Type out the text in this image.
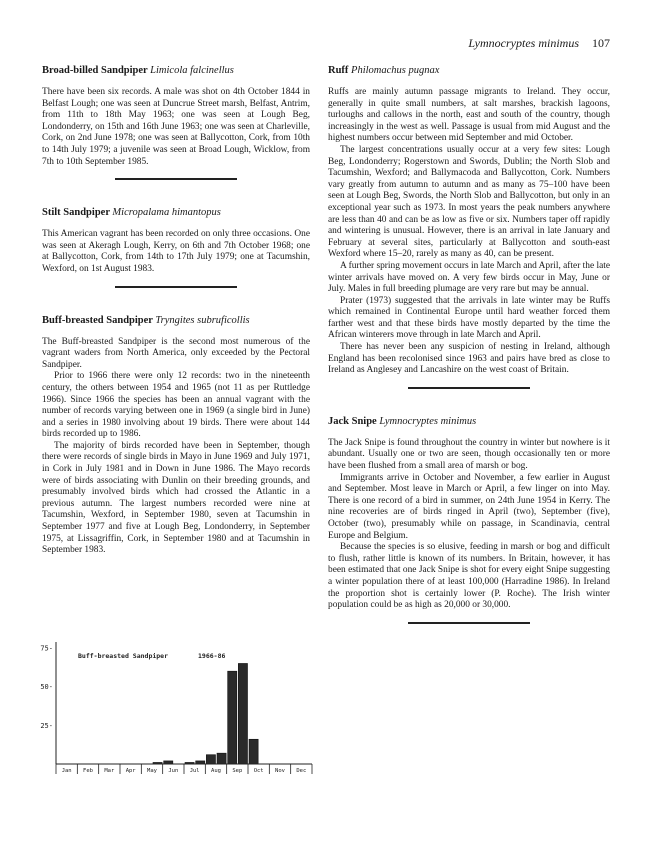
Lymnocryptes minimus 107
Broad-billed Sandpiper Limicola falcinellus

There have been six records. A male was shot on 4th October 1844 in Belfast Lough; one was seen at Duncrue Street marsh, Belfast, Antrim, from 11th to 18th May 1963; one was seen at Lough Beg, Londonderry, on 15th and 16th June 1963; one was seen at Charleville, Cork, on 2nd June 1978; one was seen at Ballycotton, Cork, from 10th to 14th July 1979; a juvenile was seen at Broad Lough, Wicklow, from 7th to 10th September 1985.

Stilt Sandpiper Micropalama himantopus

This American vagrant has been recorded on only three occasions. One was seen at Akeragh Lough, Kerry, on 6th and 7th October 1968; one at Ballycotton, Cork, from 14th to 17th July 1979; one at Tacumshin, Wexford, on 1st August 1983.

Buff-breasted Sandpiper Tryngites subruficollis

The Buff-breasted Sandpiper is the second most numerous of the vagrant waders from North America, only exceeded by the Pectoral Sandpiper.

Prior to 1966 there were only 12 records: two in the nineteenth century, the others between 1954 and 1965 (not 11 as per Ruttledge 1966). Since 1966 the species has been an annual vagrant with the number of records varying between one in 1969 (a single bird in June) and a series in 1980 involving about 19 birds. There were about 144 birds recorded up to 1986.

The majority of birds recorded have been in September, though there were records of single birds in Mayo in June 1969 and July 1971, in Cork in July 1981 and in Down in June 1986. The Mayo records were of birds associating with Dunlin on their breeding grounds, and presumably involved birds which had crossed the Atlantic in a previous autumn. The largest numbers recorded were nine at Tacumshin, Wexford, in September 1980, seven at Tacumshin in September 1977 and five at Lough Beg, Londonderry, in September 1975, at Lissagriffin, Cork, in September 1980 and at Tacumshin in September 1983.

Ruff Philomachus pugnax

Ruffs are mainly autumn passage migrants to Ireland. They occur, generally in quite small numbers, at salt marshes, brackish lagoons, turloughs and callows in the north, east and south of the country, though increasingly in the west as well. Passage is usual from mid August and the highest numbers occur between mid September and mid October.

The largest concentrations usually occur at a very few sites: Lough Beg, Londonderry; Rogerstown and Swords, Dublin; the North Slob and Tacumshin, Wexford; and Ballymacoda and Ballycotton, Cork. Numbers vary greatly from autumn to autumn and as many as 75–100 have been seen at Lough Beg, Swords, the North Slob and Ballycotton, but only in an exceptional year such as 1973. In most years the peak numbers anywhere are less than 40 and can be as low as five or six. Numbers taper off rapidly and wintering is unusual. However, there is an arrival in late January and February at several sites, particularly at Ballycotton and south-east Wexford where 15–20, rarely as many as 40, can be present.

A further spring movement occurs in late March and April, after the late winter arrivals have moved on. A very few birds occur in May, June or July. Males in full breeding plumage are very rare but may be annual.

Prater (1973) suggested that the arrivals in late winter may be Ruffs which remained in Continental Europe until hard weather forced them farther west and that these birds have mostly departed by the time the African winterers move through in late March and April.

There has never been any suspicion of nesting in Ireland, although England has been recolonised since 1963 and pairs have bred as close to Ireland as Anglesey and Lancashire on the west coast of Britain.

Jack Snipe Lymnocryptes minimus

The Jack Snipe is found throughout the country in winter but nowhere is it abundant. Usually one or two are seen, though occasionally ten or more have been flushed from a small area of marsh or bog.

Immigrants arrive in October and November, a few earlier in August and September. Most leave in March or April, a few linger on into May. There is one record of a bird in summer, on 24th June 1954 in Kerry. The nine recoveries are of birds ringed in April (two), September (five), October (two), presumably while on passage, in Scandinavia, central Europe and Belgium.

Because the species is so elusive, feeding in marsh or bog and difficult to flush, rather little is known of its numbers. In Britain, however, it has been estimated that one Jack Snipe is shot for every eight Snipe suggesting a winter population there of at least 100,000 (Harradine 1986). In Ireland the proportion shot is certainly lower (P. Roche). The Irish winter population could be as high as 20,000 or 30,000.

25-
50-
75-
Jan Feb Mar Apr May Jun Jul Aug Sep Oct Nov Dec
Buff-breasted Sandpiper	1966-86
